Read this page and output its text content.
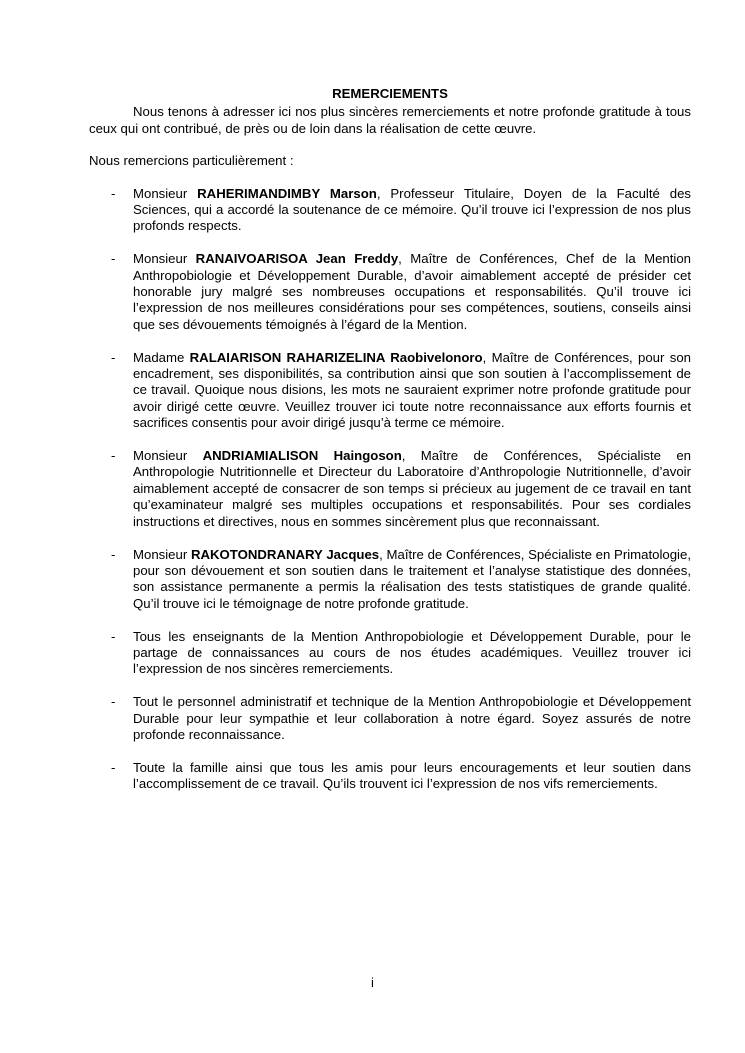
REMERCIEMENTS

Nous tenons à adresser ici nos plus sincères remerciements et notre profonde gratitude à tous ceux qui ont contribué, de près ou de loin dans la réalisation de cette œuvre.

Nous remercions particulièrement :

- Monsieur RAHERIMANDIMBY Marson, Professeur Titulaire, Doyen de la Faculté des Sciences, qui a accordé la soutenance de ce mémoire. Qu’il trouve ici l’expression de nos plus profonds respects.
- Monsieur RANAIVOARISOA Jean Freddy, Maître de Conférences, Chef de la Mention Anthropobiologie et Développement Durable, d’avoir aimablement accepté de présider cet honorable jury malgré ses nombreuses occupations et responsabilités. Qu’il trouve ici l’expression de nos meilleures considérations pour ses compétences, soutiens, conseils ainsi que ses dévouements témoignés à l’égard de la Mention.
- Madame RALAIARISON RAHARIZELINA Raobivelonoro, Maître de Conférences, pour son encadrement, ses disponibilités, sa contribution ainsi que son soutien à l’accomplissement de ce travail. Quoique nous disions, les mots ne sauraient exprimer notre profonde gratitude pour avoir dirigé cette œuvre. Veuillez trouver ici toute notre reconnaissance aux efforts fournis et sacrifices consentis pour avoir dirigé jusqu’à terme ce mémoire.
- Monsieur ANDRIAMIALISON Haingoson, Maître de Conférences, Spécialiste en Anthropologie Nutritionnelle et Directeur du Laboratoire d’Anthropologie Nutritionnelle, d’avoir aimablement accepté de consacrer de son temps si précieux au jugement de ce travail en tant qu’examinateur malgré ses multiples occupations et responsabilités. Pour ses cordiales instructions et directives, nous en sommes sincèrement plus que reconnaissant.
- Monsieur RAKOTONDRANARY Jacques, Maître de Conférences, Spécialiste en Primatologie, pour son dévouement et son soutien dans le traitement et l’analyse statistique des données, son assistance permanente a permis la réalisation des tests statistiques de grande qualité. Qu’il trouve ici le témoignage de notre profonde gratitude.
- Tous les enseignants de la Mention Anthropobiologie et Développement Durable, pour le partage de connaissances au cours de nos études académiques. Veuillez trouver ici l’expression de nos sincères remerciements.
- Tout le personnel administratif et technique de la Mention Anthropobiologie et Développement Durable pour leur sympathie et leur collaboration à notre égard. Soyez assurés de notre profonde reconnaissance.
- Toute la famille ainsi que tous les amis pour leurs encouragements et leur soutien dans l’accomplissement de ce travail. Qu’ils trouvent ici l’expression de nos vifs remerciements.
i
